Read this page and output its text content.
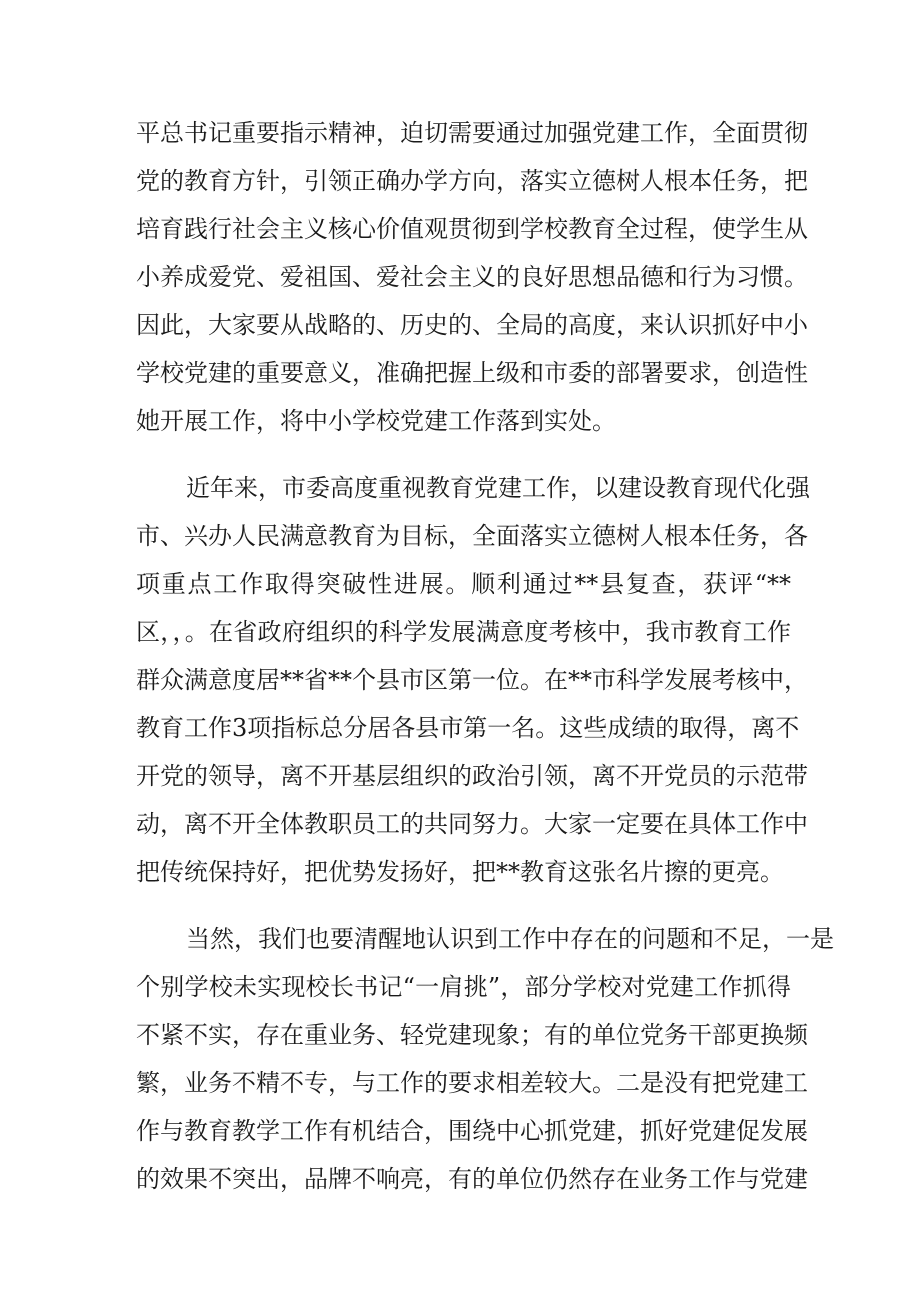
平总书记重要指示精神，迫切需要通过加强党建工作，全面贯彻
党的教育方针，引领正确办学方向，落实立德树人根本任务，把
培育践行社会主义核心价值观贯彻到学校教育全过程，使学生从
小养成爱党、爱祖国、爱社会主义的良好思想品德和行为习惯。
因此，大家要从战略的、历史的、全局的高度，来认识抓好中小
学校党建的重要意义，准确把握上级和市委的部署要求，创造性
她开展工作，将中小学校党建工作落到实处。
近年来，市委高度重视教育党建工作，以建设教育现代化强
市、兴办人民满意教育为目标，全面落实立德树人根本任务，各
项重点工作取得突破性进展。顺利通过**县复查，获评“**
区，，。在省政府组织的科学发展满意度考核中，我市教育工作
群众满意度居**省**个县市区第一位。在**市科学发展考核中，
教育工作3项指标总分居各县市第一名。这些成绩的取得，离不
开党的领导，离不开基层组织的政治引领，离不开党员的示范带
动，离不开全体教职员工的共同努力。大家一定要在具体工作中
把传统保持好，把优势发扬好，把**教育这张名片擦的更亮。
当然，我们也要清醒地认识到工作中存在的问题和不足，一是
个别学校未实现校长书记“一肩挑”，部分学校对党建工作抓得
不紧不实，存在重业务、轻党建现象；有的单位党务干部更换频
繁，业务不精不专，与工作的要求相差较大。二是没有把党建工
作与教育教学工作有机结合，围绕中心抓党建，抓好党建促发展
的效果不突出，品牌不响亮，有的单位仍然存在业务工作与党建
